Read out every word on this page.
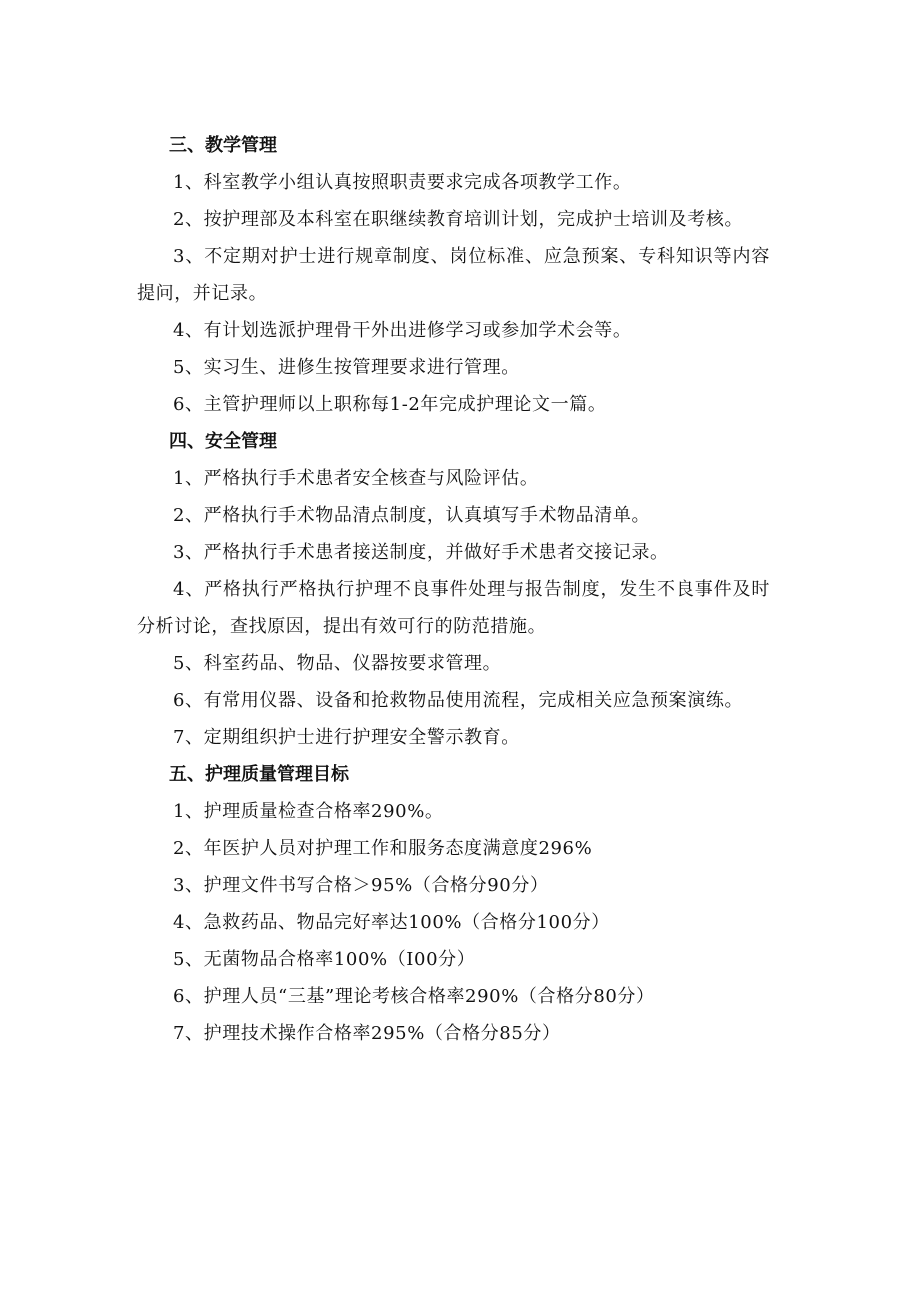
三、教学管理

1、科室教学小组认真按照职责要求完成各项教学工作。

2、按护理部及本科室在职继续教育培训计划，完成护士培训及考核。

3、不定期对护士进行规章制度、岗位标准、应急预案、专科知识等内容提问，并记录。

4、有计划选派护理骨干外出进修学习或参加学术会等。

5、实习生、进修生按管理要求进行管理。

6、主管护理师以上职称每1-2年完成护理论文一篇。

四、安全管理

1、严格执行手术患者安全核查与风险评估。

2、严格执行手术物品清点制度，认真填写手术物品清单。

3、严格执行手术患者接送制度，并做好手术患者交接记录。

4、严格执行严格执行护理不良事件处理与报告制度，发生不良事件及时分析讨论，查找原因，提出有效可行的防范措施。

5、科室药品、物品、仪器按要求管理。

6、有常用仪器、设备和抢救物品使用流程，完成相关应急预案演练。

7、定期组织护士进行护理安全警示教育。

五、护理质量管理目标

1、护理质量检查合格率290%。

2、年医护人员对护理工作和服务态度满意度296%

3、护理文件书写合格＞95%（合格分90分）

4、急救药品、物品完好率达100%（合格分100分）

5、无菌物品合格率100%（I00分）

6、护理人员“三基”理论考核合格率290%（合格分80分）

7、护理技术操作合格率295%（合格分85分）
